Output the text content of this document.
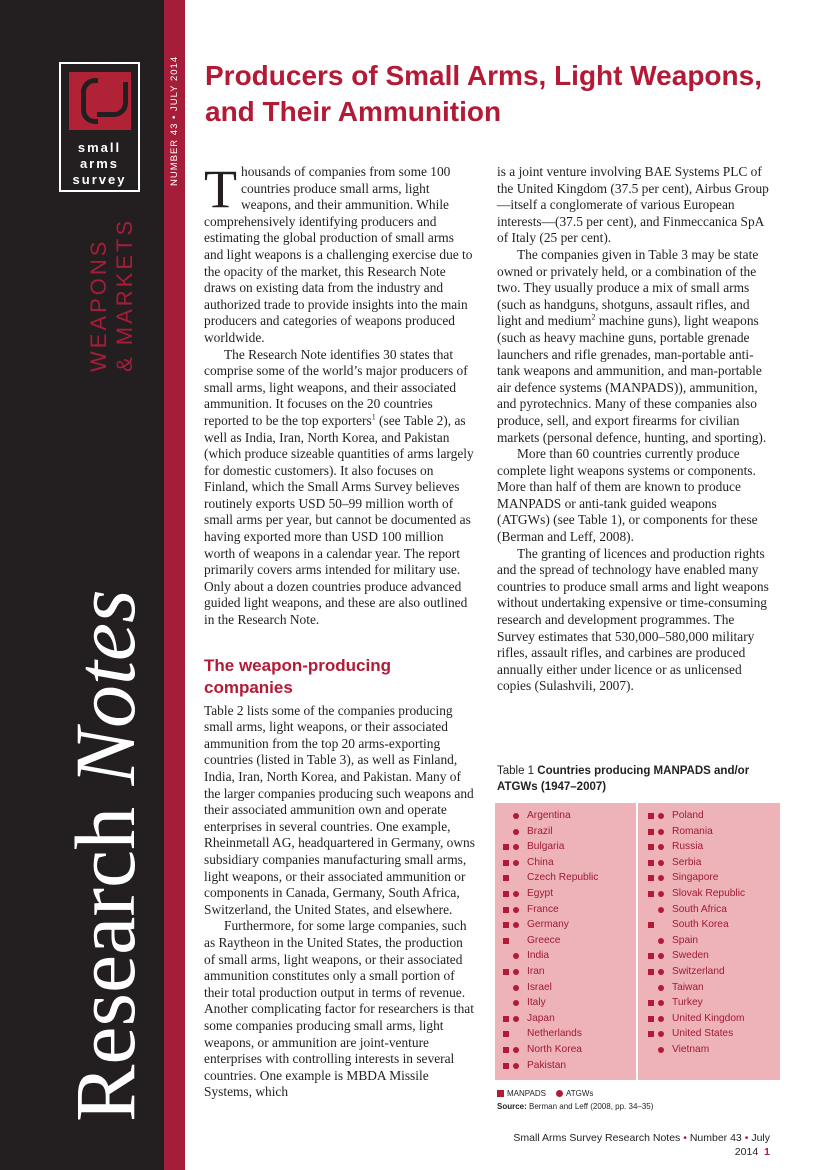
small
arms
survey
Research Notes
WEAPONS & MARKETS
NUMBER 43 • JULY 2014 Producers of Small Arms, Light Weapons, and Their Ammunition

Thousands of companies from some 100 countries produce small arms, light weapons, and their ammunition. While comprehensively identifying producers and estimating the global production of small arms and light weapons is a challenging exercise due to the opacity of the market, this Research Note draws on existing data from the industry and authorized trade to provide insights into the main producers and categories of weapons produced worldwide.

The Research Note identifies 30 states that comprise some of the world’s major producers of small arms, light weapons, and their associated ammunition. It focuses on the 20 countries reported to be the top exporters$^1$ (see Table 2), as well as India, Iran, North Korea, and Pakistan (which produce sizeable quantities of arms largely for domestic customers). It also focuses on Finland, which the Small Arms Survey believes routinely exports USD 50–99 million worth of small arms per year, but cannot be documented as having exported more than USD 100 million worth of weapons in a calendar year. The report primarily covers arms intended for military use. Only about a dozen countries produce advanced guided light weapons, and these are also outlined in the Research Note.

The weapon-producing companies

Table 2 lists some of the companies producing small arms, light weapons, or their associated ammunition from the top 20 arms-exporting countries (listed in Table 3), as well as Finland, India, Iran, North Korea, and Pakistan. Many of the larger companies producing such weapons and their associated ammunition own and operate enterprises in several countries. One example, Rheinmetall AG, headquartered in Germany, owns subsidiary companies manufacturing small arms, light weapons, or their associated ammunition or components in Canada, Germany, South Africa, Switzerland, the United States, and elsewhere.

Furthermore, for some large companies, such as Raytheon in the United States, the production of small arms, light weapons, or their associated ammunition constitutes only a small portion of their total production output in terms of revenue. Another complicating factor for researchers is that some companies producing small arms, light weapons, or ammunition are joint-venture enterprises with controlling interests in several countries. One example is MBDA Missile Systems, which

is a joint venture involving BAE Systems PLC of the United Kingdom (37.5 per cent), Airbus Group—itself a conglomerate of various European interests—(37.5 per cent), and Finmeccanica SpA of Italy (25 per cent).

The companies given in Table 3 may be state owned or privately held, or a combination of the two. They usually produce a mix of small arms (such as handguns, shotguns, assault rifles, and light and medium$^2$ machine guns), light weapons (such as heavy machine guns, portable grenade launchers and rifle grenades, man-portable anti-tank weapons and ammunition, and man-portable air defence systems (MANPADS)), ammunition, and pyrotechnics. Many of these companies also produce, sell, and export firearms for civilian markets (personal defence, hunting, and sporting).

More than 60 countries currently produce complete light weapons systems or components. More than half of them are known to produce MANPADS or anti-tank guided weapons (ATGWs) (see Table 1), or components for these (Berman and Leff, 2008).

The granting of licences and production rights and the spread of technology have enabled many countries to produce small arms and light weapons without undertaking expensive or time-consuming research and development programmes. The Survey estimates that 530,000–580,000 military rifles, assault rifles, and carbines are produced annually either under licence or as unlicensed copies (Sulashvili, 2007).

Table 1 Countries producing MANPADS and/or ATGWs (1947–2007)
Argentina
Brazil
Bulgaria
China
Czech Republic
Egypt
France
Germany
Greece
India
Iran
Israel
Italy
Japan
Netherlands
North Korea
Pakistan
Poland
Romania
Russia
Serbia
Singapore
Slovak Republic
South Africa
South Korea
Spain
Sweden
Switzerland
Taiwan
Turkey
United Kingdom
United States
Vietnam
MANPADS	ATGWs
Source: Berman and Leff (2008, pp. 34–35)
Small Arms Survey Research Notes • Number 43 • July 2014 1
